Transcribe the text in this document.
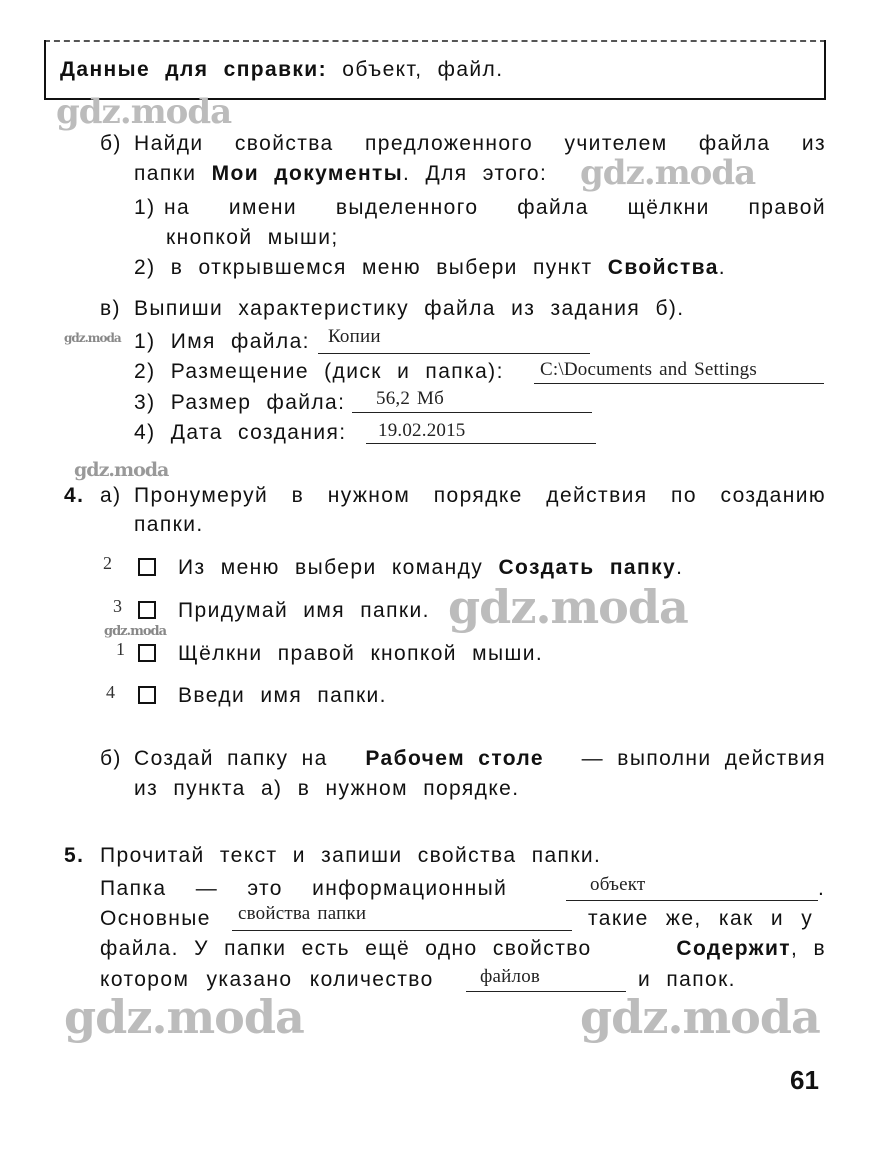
Данные для справки: объект, файл.
gdz.moda
gdz.moda
gdz.moda
gdz.moda
gdz.moda
gdz.moda
gdz.moda	gdz.moda
б) Найди свойства предложенного учителем файла из
папки Мои документы. Для этого:
1) на имени выделенного файла щёлкни правой
кнопкой мыши;
2) в открывшемся меню выбери пункт Свойства.
в) Выпиши характеристику файла из задания б).
1) Имя файла: Копии
2) Размещение (диск и папка): C:\Documents and Settings
3) Размер файла: 56,2 Мб
4) Дата создания: 19.02.2015
4. а) Пронумеруй в нужном порядке действия по созданию
папки.
2	Из меню выбери команду Создать папку.
3	Придумай имя папки.
1	Щёлкни правой кнопкой мыши.
4	Введи имя папки.
б) Создай папку на Рабочем столе — выполни действия
из пункта а) в нужном порядке.
5. Прочитай текст и запиши свойства папки.
Папка — это информационный	объект	.
Основные свойства папки	такие же, как и у
файла. У папки есть ещё одно свойство	Содержит, в
котором указано количество файлов	и папок.
61
